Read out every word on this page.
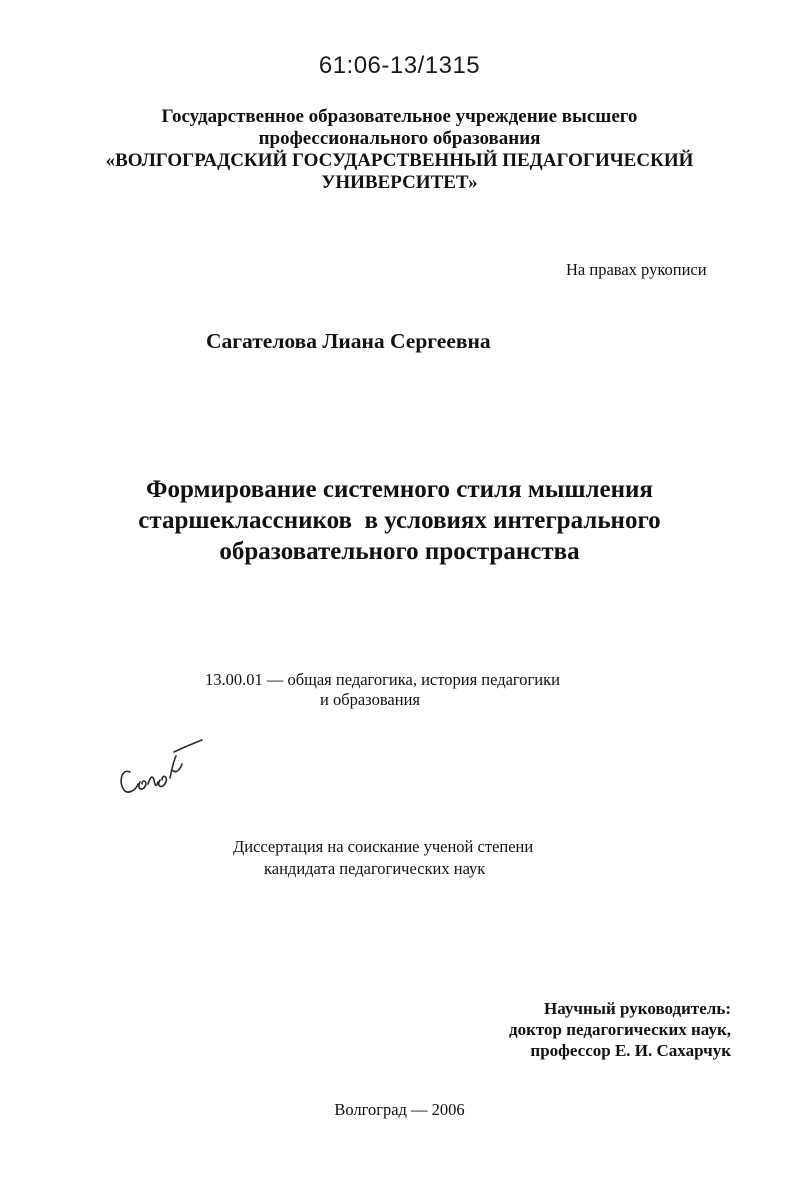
61:06-13/1315
Государственное образовательное учреждение высшего
профессионального образования
«ВОЛГОГРАДСКИЙ ГОСУДАРСТВЕННЫЙ ПЕДАГОГИЧЕСКИЙ
УНИВЕРСИТЕТ»
На правах рукописи
Сагателова Лиана Сергеевна
Формирование системного стиля мышления
старшеклассников  в условиях интегрального
образовательного пространства
13.00.01 — общая педагогика, история педагогики
и образования
Диссертация на соискание ученой степени
кандидата педагогических наук
Научный руководитель:
доктор педагогических наук,
профессор Е. И. Сахарчук
Волгоград — 2006
